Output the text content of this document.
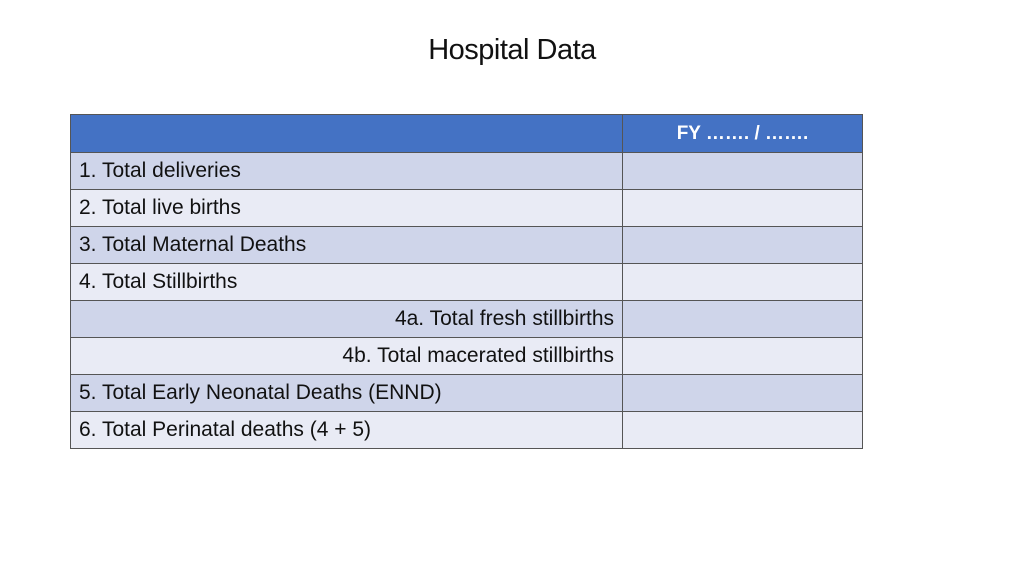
Hospital Data
	FY ……. / …….
1. Total deliveries	
2. Total live births	
3. Total Maternal Deaths	
4. Total Stillbirths	
4a. Total fresh stillbirths	
4b. Total macerated stillbirths	
5. Total Early Neonatal Deaths (ENND)	
6. Total Perinatal deaths (4 + 5)	
